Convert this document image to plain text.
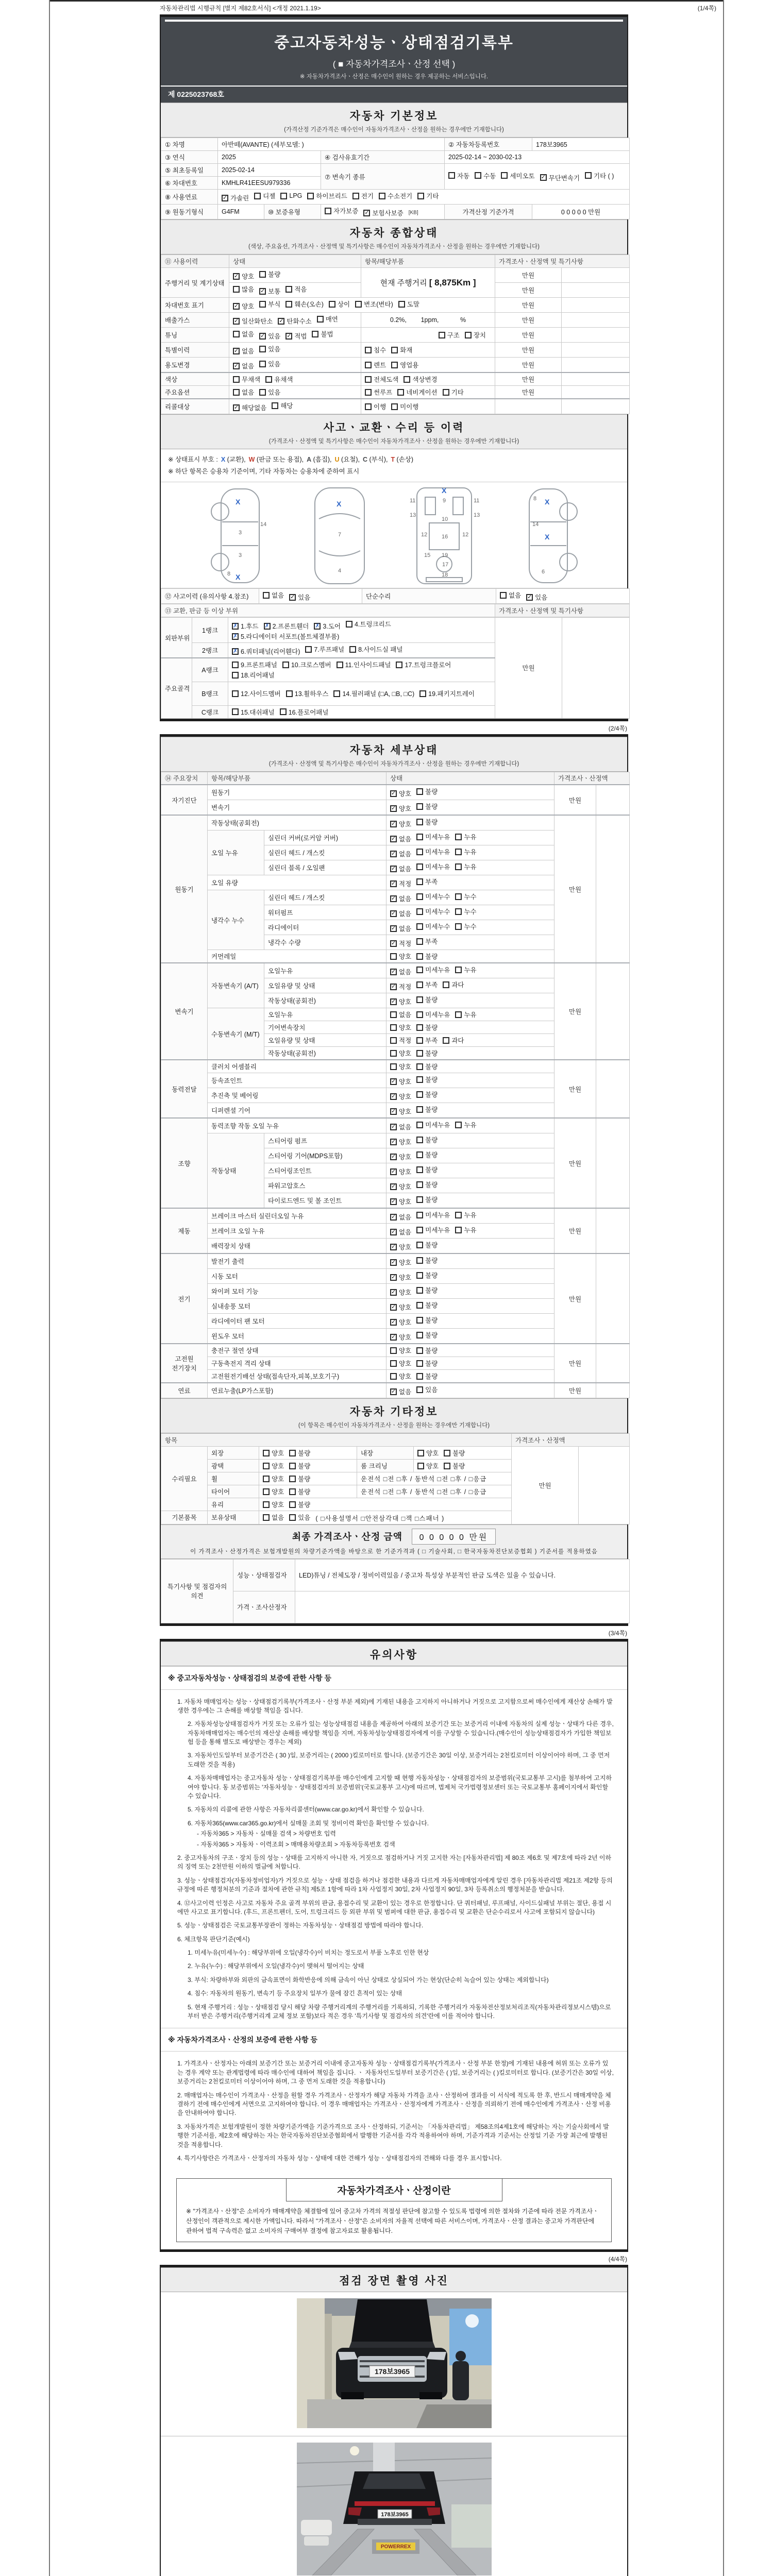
자동차관리법 시행규칙 [별지 제82호서식] <개정 2021.1.19>	(1/4쪽)
중고자동차성능ㆍ상태점검기록부
( ■ 자동차가격조사ㆍ산정 선택 )
※ 자동차가격조사ㆍ산정은 매수인이 원하는 경우 제공하는 서비스입니다.
제 0225023768호
자동차 기본정보
(가격산정 기준가격은 매수인이 자동차가격조사ㆍ산정을 원하는 경우에만 기재합니다)
① 차명	아반떼(AVANTE) (세부모델: )			② 자동차등록번호	178보3965
③ 연식	2025		④ 검사유효기간	2025-02-14 ~ 2030-02-13	
⑤ 최초등록일	2025-02-14	⑦ 변속기 종류	자동 수동 세미오토 ✓ 무단변속기 기타 ( )

⑥ 차대번호	KMHLR41EESU979336				
⑧ 사용연료	✓ 가솔린 디젤 LPG 하이브리드 전기 수소전기 기타

⑨ 원동기형식	G4FM	⑩ 보증유형	자가보증 ✓ 보험사보증 [KB]	가격산정 기준가격	0 0 0 0 0 만원
자동차 종합상태
(색상, 주요옵션, 가격조사ㆍ산정액 및 특기사항은 매수인이 자동차가격조사ㆍ산정을 원하는 경우에만 기재합니다)
⑪ 사용이력	상태	항목/해당부품	가격조사ㆍ산정액 및 특기사항	
주행거리 및 계기상태	✓ 양호 불량	현재 주행거리 [ 8,875Km ]	만원	

	많음 ✓ 보통 적음		만원	
차대번호 표기	✓ 양호 부식 훼손(오손) 상이 변조(변타) 도말	만원	
배출가스	✓ 일산화탄소 ✓ 탄화수소 매연	0.2%,        1ppm,            %	만원	
튜닝	없음 ✓ 있음 ✓ 적법 불법	구조 장치	만원	
특별이력	✓ 없음 있음	침수 화재	만원	
용도변경	✓ 없음 있음	렌트 영업용	만원	
색상	무채색 유채색	전체도색 색상변경	만원	
주요옵션	없음 있음	썬루프 네비게이션 기타	만원	
리콜대상	✓ 해당없음 해당	이행 미이행		

사고ㆍ교환ㆍ수리 등 이력
(가격조사ㆍ산정액 및 특기사항은 매수인이 자동차가격조사ㆍ산정을 원하는 경우에만 기재합니다)
※ 상태표시 부호 : X (교환), W (판금 또는 용접), A (흠집), U (요철), C (부식), T (손상)
※ 하단 항목은 승용차 기준이며, 기타 자동차는 승용차에 준하여 표시
X
3
3
14
8 X
X
7
4
X
9
11	11
13	13
12	12
16
19
17
18
15
10
X
X
14
6
8
⑫ 사고이력 (유의사항 4.참조)	없음 ✓ 있음	단순수리	없음 ✓ 있음
⑬ 교환, 판금 등 이상 부위	가격조사ㆍ산정액 및 특기사항
외판부위	1랭크	
✗ 1.후드 ✗ 2.프론트휀더 ✗ 3.도어 4.트렁크리드
✗ 5.라디에이터 서포트(볼트체결부품)
	만원	
	2랭크	✗ 6.쿼터패널(리어휀다) 7.루프패널 8.사이드실 패널		

주요골격	A랭크	9.프론트패널 10.크로스멤버 11.인사이드패널 17.트렁크플로어
18.리어패널		

	B랭크	12.사이드멤버 13.휠하우스 14.필러패널 (□A, □B, □C) 19.패키지트레이		

	C랭크	15.대쉬패널 16.플로어패널		
(2/4쪽)
자동차 세부상태
(가격조사ㆍ산정액 및 특기사항은 매수인이 자동차가격조사ㆍ산정을 원하는 경우에만 기재합니다)
⑭ 주요장치	항목/해당부품		상태	가격조사ㆍ산정액	
자기진단	원동기		✓ 양호 불량	만원	
	변속기		✓ 양호 불량		

원동기	작동상태(공회전)		✓ 양호 불량	만원	
	오일 누유	실린더 커버(로커암 커버)	✓ 없음 미세누유 누유		

		실린더 헤드 / 개스킷	✓ 없음 미세누유 누유		

		실린더 블록 / 오일팬	✓ 없음 미세누유 누유		

	오일 유량		✓ 적정 부족		

	냉각수 누수	실린더 헤드 / 개스킷	✓ 없음 미세누수 누수		

		워터펌프	✓ 없음 미세누수 누수		

		라디에이터	✓ 없음 미세누수 누수		

		냉각수 수량	✓ 적정 부족		

	커먼레일		양호 불량		

변속기	자동변속기 (A/T)	오일누유	✓ 없음 미세누유 누유	만원	
		오일유량 및 상태	✓ 적정 부족 과다		

		작동상태(공회전)	✓ 양호 불량		

	수동변속기 (M/T)	오일누유	없음 미세누유 누유		

		기어변속장치	양호 불량		

		오일유량 및 상태	적정 부족 과다		

		작동상태(공회전)	양호 불량		

동력전달	클러치 어셈블리		양호 불량	만원	
	등속죠인트		✓ 양호 불량		

	추진축 및 베어링		✓ 양호 불량		

	디퍼렌셜 기어		✓ 양호 불량		

조향	동력조향 작동 오일 누유		✓ 없음 미세누유 누유	만원	
	작동상태	스티어링 펌프	✓ 양호 불량		

		스티어링 기어(MDPS포함)	✓ 양호 불량		

		스티어링조인트	✓ 양호 불량		

		파워고압호스	✓ 양호 불량		

		타이로드엔드 및 볼 조인트	✓ 양호 불량		

제동	브레이크 마스터 실린더오일 누유		✓ 없음 미세누유 누유	만원	
	브레이크 오일 누유		✓ 없음 미세누유 누유		

	배력장치 상태		✓ 양호 불량		

전기	발전기 출력		✓ 양호 불량	만원	
	시동 모터		✓ 양호 불량		

	와이퍼 모터 기능		✓ 양호 불량		

	실내송풍 모터		✓ 양호 불량		

	라디에이터 팬 모터		✓ 양호 불량		

	윈도우 모터		✓ 양호 불량		

고전원 전기장치	충전구 절연 상태		양호 불량	만원	
	구동축전지 격리 상태		양호 불량		

	고전원전기배선 상태(접속단자,피복,보호기구)		양호 불량		

연료	연료누출(LP가스포함)		✓ 없음 있음	만원	
자동차 기타정보
(이 항목은 매수인이 자동차가격조사ㆍ산정을 원하는 경우에만 기재합니다)
항목					가격조사ㆍ산정액	
수리필요	외장	양호 불량	내장	양호 불량	만원	
	광택	양호 불량	룸 크리닝	양호 불량		

	휠	양호 불량	운전석 □전 □후 / 동반석 □전 □후 / □응급			
	타이어	양호 불량	운전석 □전 □후 / 동반석 □전 □후 / □응급			
	유리	양호 불량				

기본품목	보유상태	없음 있음 ( □사용설명서 □안전삼각대 □잭 □스패너 )				
최종 가격조사ㆍ산정 금액 0 0 0 0 0 만원
이 가격조사ㆍ산정가격은 보험개발원의 차량기준가액을 바탕으로 한 기준가격과 ( □ 기술사회, □ 한국자동차진단보증협회 ) 기준서를 적용하였음
특기사항 및 점검자의 의견	성능ㆍ상태점검자	LED)튜닝 / 전체도장 / 정비이력있음 / 중고차 특성상 부분적인 판금 도색은 있을 수 있습니다.
	가격ㆍ조사산정자	
(3/4쪽)
유의사항
※ 중고자동차성능ㆍ상태점검의 보증에 관한 사항 등

1. 자동차 매매업자는 성능ㆍ상태점검기록부(가격조사ㆍ산정 부분 제외)에 기재된 내용을 고지하지 아니하거나 거짓으로 고지함으로써 매수인에게 재산상 손해가 발생한 경우에는 그 손해를 배상할 책임을 집니다.

2. 자동차성능상태점검자가 거짓 또는 오류가 있는 성능상태점검 내용을 제공하여 아래의 보증기간 또는 보증거리 이내에 자동차의 실제 성능ㆍ상태가 다른 경우, 자동차매매업자는 매수인의 재산상 손해를 배상할 책임을 지며, 자동차성능상태점검자에게 이를 구상할 수 있습니다.(매수인이 성능상태점검자가 가입한 책임보험 등을 통해 별도로 배상받는 경우는 제외)

3. 자동차인도일부터 보증기간은 ( 30 )일, 보증거리는 ( 2000 )킬로미터로 합니다. (보증기간은 30일 이상, 보증거리는 2천킬로미터 이상이어야 하며, 그 중 먼저 도래한 것을 적용)

4. 자동차매매업자는 중고자동차 성능ㆍ상태점검기록부를 매수인에게 고지할 때 현행 자동차성능ㆍ상태점검자의 보증범위(국토교통부 고시)를 첨부하여 고지하여야 합니다. 동 보증범위는 '자동차성능ㆍ상태점검자의 보증범위'(국토교통부 고시)에 따르며, 법제처 국가법령정보센터 또는 국토교통부 홈페이지에서 확인할 수 있습니다.

5. 자동차의 리콜에 관한 사항은 자동차리콜센터(www.car.go.kr)에서 확인할 수 있습니다.

6. 자동차365(www.car365.go.kr)에서 실매물 조회 및 정비이력 확인을 확인할 수 있습니다.

- 자동차365 > 자동차ㆍ실매물 검색 > 차량번호 입력

- 자동차365 > 자동차ㆍ이력조회 > 매매용차량조회 > 자동차등록번호 검색

2. 중고자동차의 구조ㆍ장치 등의 성능ㆍ상태를 고지하지 아니한 자, 거짓으로 점검하거나 거짓 고지한 자는 [자동차관리법] 제 80조 제6호 및 제7호에 따라 2년 이하의 징역 또는 2천만원 이하의 벌금에 처합니다.

3. 성능ㆍ상태점검자(자동차정비업자)가 거짓으로 성능ㆍ상태 점검을 하거나 점검한 내용과 다르게 자동차매매업자에게 알린 경우 [자동차관리법 제21조 제2항 등의 규정에 따른 행정처분의 기준과 절차에 관한 규칙] 제5조 1항에 따라 1차 사업정지 30일, 2차 사업정지 90일, 3차 등록취소의 행정처분을 받습니다.

4. ⑫사고이력 인정은 사고로 자동차 주요 골격 부위의 판금, 용접수리 및 교환이 있는 경우로 한정합니다. 단 쿼터패널, 루프패널, 사이드실패널 부위는 절단, 용접 시에만 사고로 표기합니다. (후드, 프론트펜더, 도어, 트렁크리드 등 외판 부위 및 범퍼에 대한 판금, 용접수리 및 교환은 단순수리로서 사고에 포함되지 않습니다)

5. 성능ㆍ상태점검은 국토교통부장관이 정하는 자동차성능ㆍ상태점검 방법에 따라야 합니다.

6. 체크항목 판단기준(예시)

1. 미세누유(미세누수) : 해당부위에 오일(냉각수)이 비치는 정도로서 부품 노후로 인한 현상

2. 누유(누수) : 해당부위에서 오일(냉각수)이 맺혀서 떨어지는 상태

3. 부식: 차량하부와 외판의 금속표면이 화학반응에 의해 금속이 아닌 상태로 상실되어 가는 현상(단순히 녹슬어 있는 상태는 제외합니다)

4. 침수: 자동차의 원동기, 변속기 등 주요장치 일부가 물에 잠긴 흔적이 있는 상태

5. 현재 주행거리 : 성능ㆍ상태점검 당시 해당 차량 주행거리계의 주행거리를 기록하되, 기록한 주행거리가 자동차전산정보처리조직(자동차관리정보시스템)으로부터 받은 주행거리(주행거리계 교체 정보 포함)보다 적은 경우 '특기사항 및 점검자의 의견'란에 이를 적어야 합니다.

※ 자동차가격조사ㆍ산정의 보증에 관한 사항 등

1. 가격조사ㆍ산정자는 아래의 보증기간 또는 보증거리 이내에 중고자동차 성능ㆍ상태점검기록부(가격조사ㆍ산정 부분 한정)에 기재된 내용에 허위 또는 오류가 있는 경우 계약 또는 관계법령에 따라 매수인에 대하여 책임을 집니다. ㆍ 자동차인도일부터 보증기간은 ( )일, 보증거리는 ( )킬로미터로 합니다. (보증기간은 30일 이상, 보증거리는 2천킬로미터 이상이어야 하며, 그 중 먼저 도래한 것을 적용합니다)

2. 매매업자는 매수인이 가격조사ㆍ산정을 원할 경우 가격조사ㆍ산정자가 해당 자동차 가격을 조사ㆍ산정하여 결과를 이 서식에 적도록 한 후, 반드시 매매계약을 체결하기 전에 매수인에게 서면으로 고지하여야 합니다. 이 경우 매매업자는 가격조사ㆍ산정자에게 가격조사ㆍ산정을 의뢰하기 전에 매수인에게 가격조사ㆍ산정 비용을 안내하여야 합니다.

3. 자동차가격은 보험개발원이 정한 차량기준가액을 기준가격으로 조사ㆍ산정하되, 기준서는 「자동차관리법」 제58조의4제1호에 해당하는 자는 기술사회에서 발행한 기준서를, 제2호에 해당하는 자는 한국자동차진단보증협회에서 발행한 기준서를 각각 적용하여야 하며, 기준가격과 기준서는 산정일 기준 가장 최근에 발행된 것을 적용합니다.

4. 특기사항란은 가격조사ㆍ산정자의 자동차 성능ㆍ상태에 대한 견해가 성능ㆍ상태점검자의 견해와 다를 경우 표시합니다.

자동차가격조사ㆍ산정이란
※ "가격조사ㆍ산정"은 소비자가 매매계약을 체결함에 있어 중고차 가격의 적절성 판단에 참고할 수 있도록 법령에 의한 절차와 기준에 따라 전문 가격조사ㆍ산정인이 객관적으로 제시한 가액입니다. 따라서 "가격조사ㆍ산정"은 소비자의 자율적 선택에 따른 서비스이며, 가격조사ㆍ산정 결과는 중고차 가격판단에 관하여 법적 구속력은 없고 소비자의 구매여부 결정에 참고자료로 활용됩니다.
(4/4쪽)
점검 장면 촬영 사진
178보3965
178보3965
POWERREX
